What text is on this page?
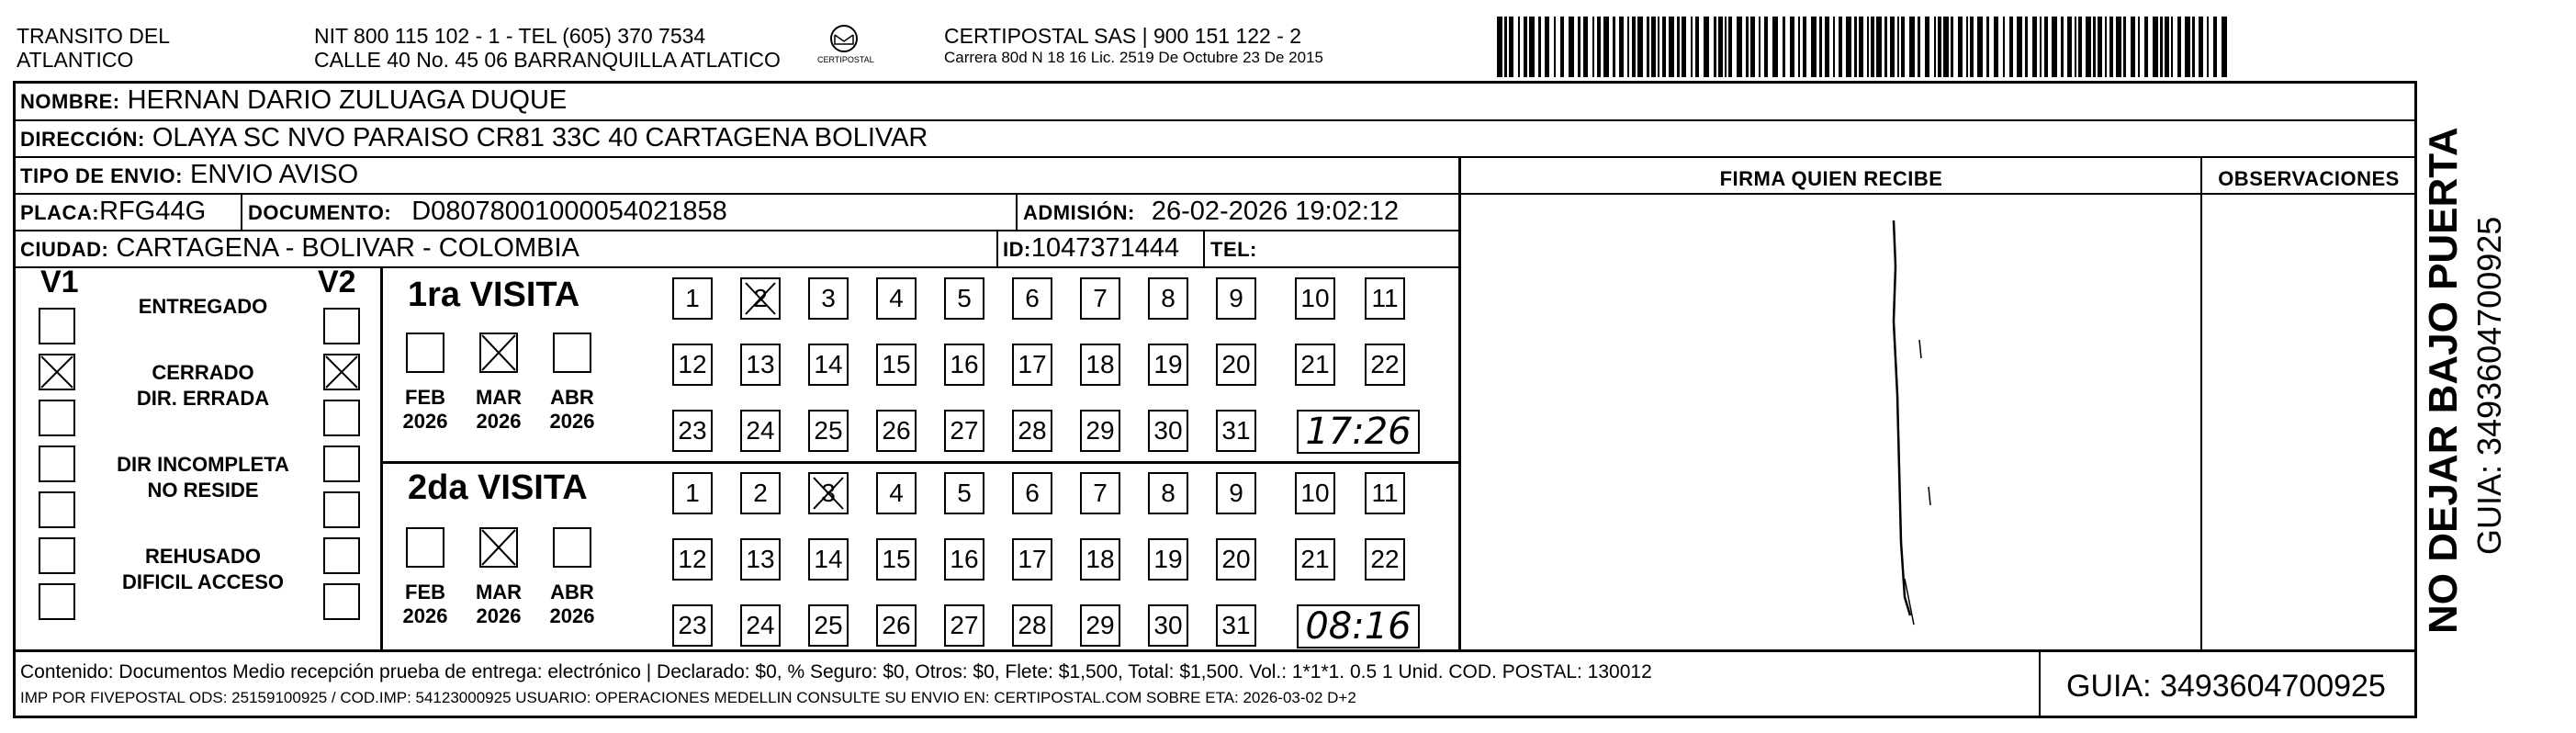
TRANSITO DEL
ATLANTICO
NIT 800 115 102 - 1 - TEL (605) 370 7534
CALLE 40 No. 45 06 BARRANQUILLA ATLATICO	CERTIPOSTAL
CERTIPOSTAL SAS | 900 151 122 - 2
Carrera 80d N 18 16 Lic. 2519 De Octubre 23 De 2015
NOMBRE: HERNAN DARIO ZULUAGA DUQUE
DIRECCIÓN: OLAYA SC NVO PARAISO CR81 33C 40 CARTAGENA BOLIVAR
TIPO DE ENVIO: ENVIO AVISO
PLACA:RFG44G DOCUMENTO: D08078001000054021858	ADMISIÓN: 26-02-2026 19:02:12
CIUDAD: CARTAGENA - BOLIVAR - COLOMBIA	ID:1047371444 TEL:
FIRMA QUIEN RECIBE	OBSERVACIONES
V1	V2 1ra VISITA
2da VISITA	NO DEJAR BAJO PUERTA GUIA: 3493604700925
Contenido: Documentos Medio recepción prueba de entrega: electrónico | Declarado: $0, % Seguro: $0, Otros: $0, Flete: $1,500, Total: $1,500. Vol.: 1*1*1. 0.5 1 Unid. COD. POSTAL: 130012
IMP POR FIVEPOSTAL ODS: 25159100925 / COD.IMP: 54123000925 USUARIO: OPERACIONES MEDELLIN CONSULTE SU ENVIO EN: CERTIPOSTAL.COM SOBRE ETA: 2026-03-02 D+2	GUIA: 3493604700925
ENTREGADO
CERRADO
DIR. ERRADA
DIR INCOMPLETA
NO RESIDE
REHUSADO
DIFICIL ACCESO
FEB
2026
MAR
2026
ABR
2026
1	2	3	4	5	6	7	8	9	10 11
12 13 14 15 16 17 18 19 20 21 22
23 24 25 26 27 28 29 30 31 17:26
FEB
2026
MAR
2026
ABR
2026
1	2	3	4	5	6	7	8	9	10 11
12 13 14 15 16 17 18 19 20 21 22
23 24 25 26 27 28 29 30 31 08:16
